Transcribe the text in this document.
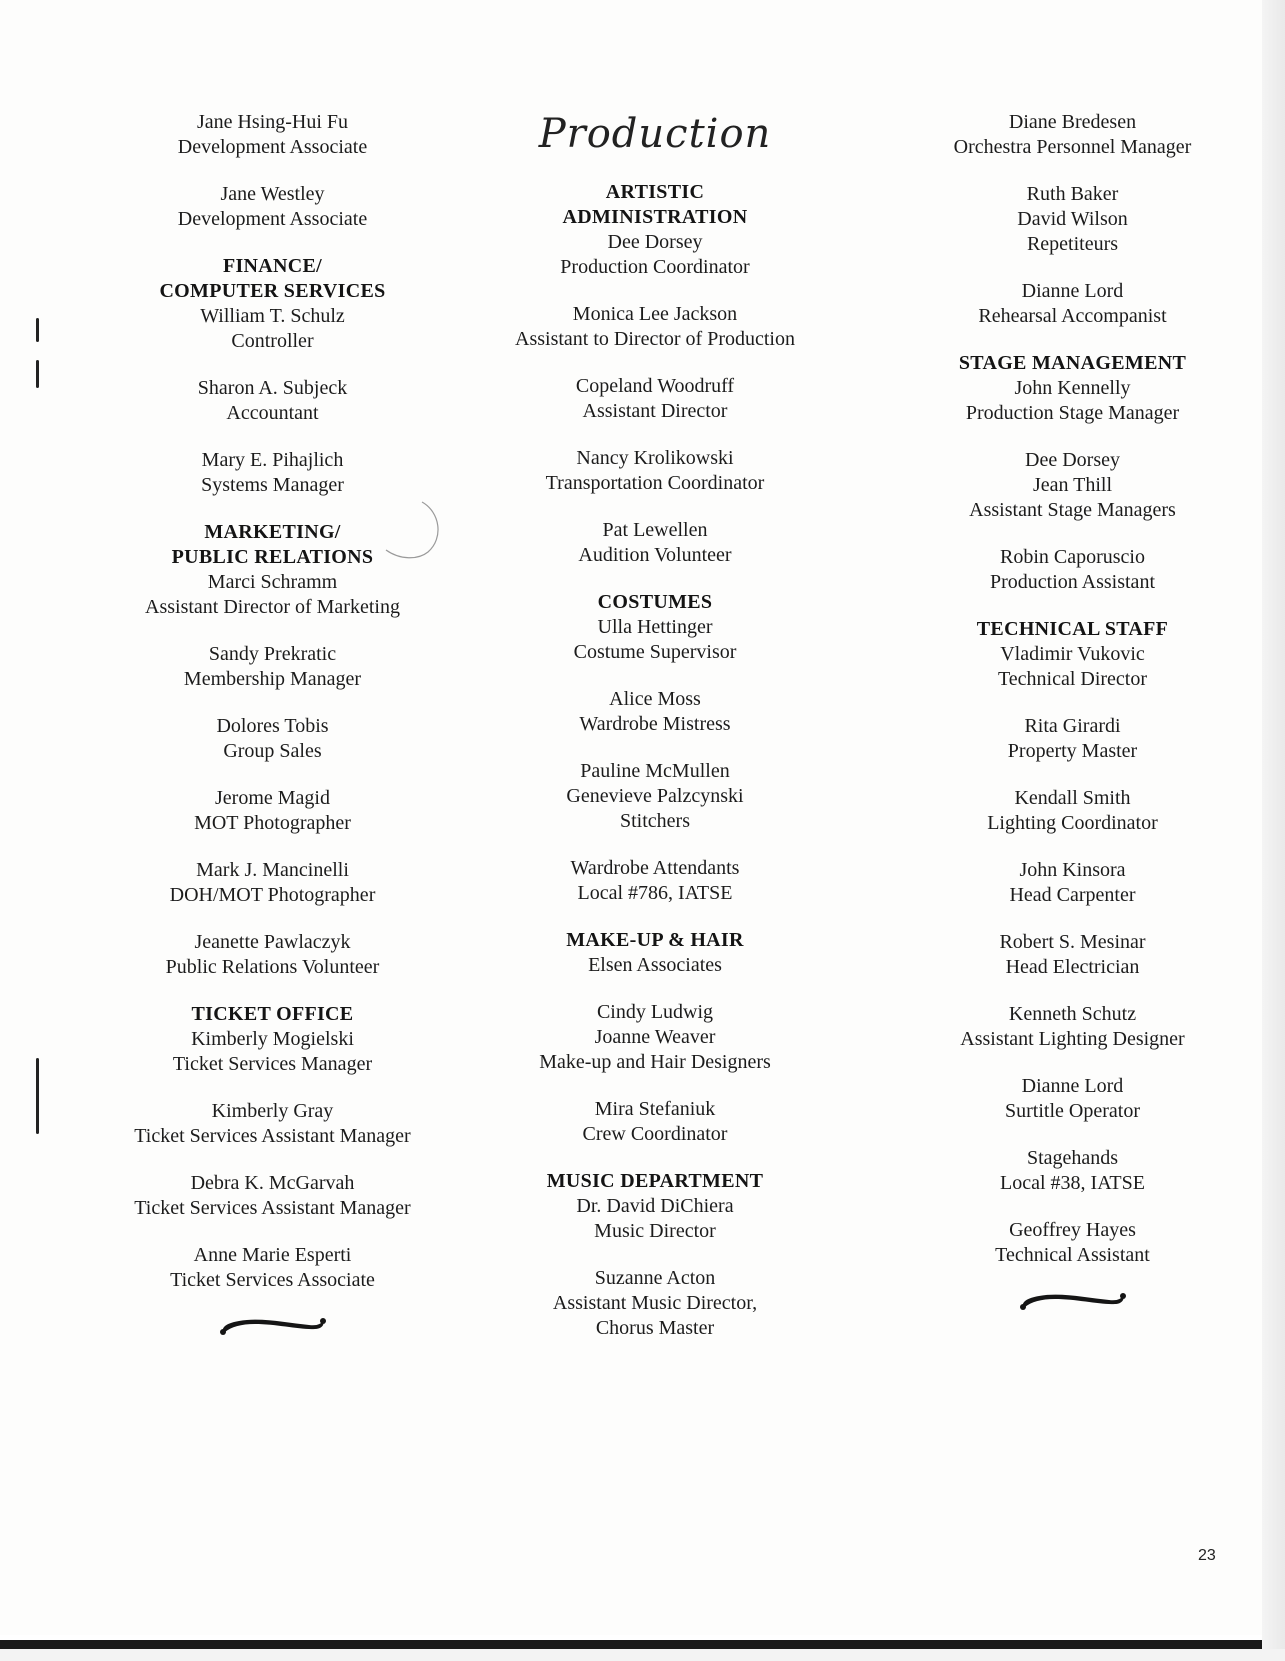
Jane Hsing-Hui Fu
Development Associate
Jane Westley
Development Associate
FINANCE/
COMPUTER SERVICES
William T. Schulz
Controller
Sharon A. Subjeck
Accountant
Mary E. Pihajlich
Systems Manager
MARKETING/
PUBLIC RELATIONS
Marci Schramm
Assistant Director of Marketing
Sandy Prekratic
Membership Manager
Dolores Tobis
Group Sales
Jerome Magid
MOT Photographer
Mark J. Mancinelli
DOH/MOT Photographer
Jeanette Pawlaczyk
Public Relations Volunteer
TICKET OFFICE
Kimberly Mogielski
Ticket Services Manager
Kimberly Gray
Ticket Services Assistant Manager
Debra K. McGarvah
Ticket Services Assistant Manager
Anne Marie Esperti
Ticket Services Associate
Production
ARTISTIC
ADMINISTRATION
Dee Dorsey
Production Coordinator
Monica Lee Jackson
Assistant to Director of Production
Copeland Woodruff
Assistant Director
Nancy Krolikowski
Transportation Coordinator
Pat Lewellen
Audition Volunteer
COSTUMES
Ulla Hettinger
Costume Supervisor
Alice Moss
Wardrobe Mistress
Pauline McMullen
Genevieve Palzcynski
Stitchers
Wardrobe Attendants
Local #786, IATSE
MAKE-UP & HAIR
Elsen Associates
Cindy Ludwig
Joanne Weaver
Make-up and Hair Designers
Mira Stefaniuk
Crew Coordinator
MUSIC DEPARTMENT
Dr. David DiChiera
Music Director
Suzanne Acton
Assistant Music Director,
Chorus Master
Diane Bredesen
Orchestra Personnel Manager
Ruth Baker
David Wilson
Repetiteurs
Dianne Lord
Rehearsal Accompanist
STAGE MANAGEMENT
John Kennelly
Production Stage Manager
Dee Dorsey
Jean Thill
Assistant Stage Managers
Robin Caporuscio
Production Assistant
TECHNICAL STAFF
Vladimir Vukovic
Technical Director
Rita Girardi
Property Master
Kendall Smith
Lighting Coordinator
John Kinsora
Head Carpenter
Robert S. Mesinar
Head Electrician
Kenneth Schutz
Assistant Lighting Designer
Dianne Lord
Surtitle Operator
Stagehands
Local #38, IATSE
Geoffrey Hayes
Technical Assistant
23
